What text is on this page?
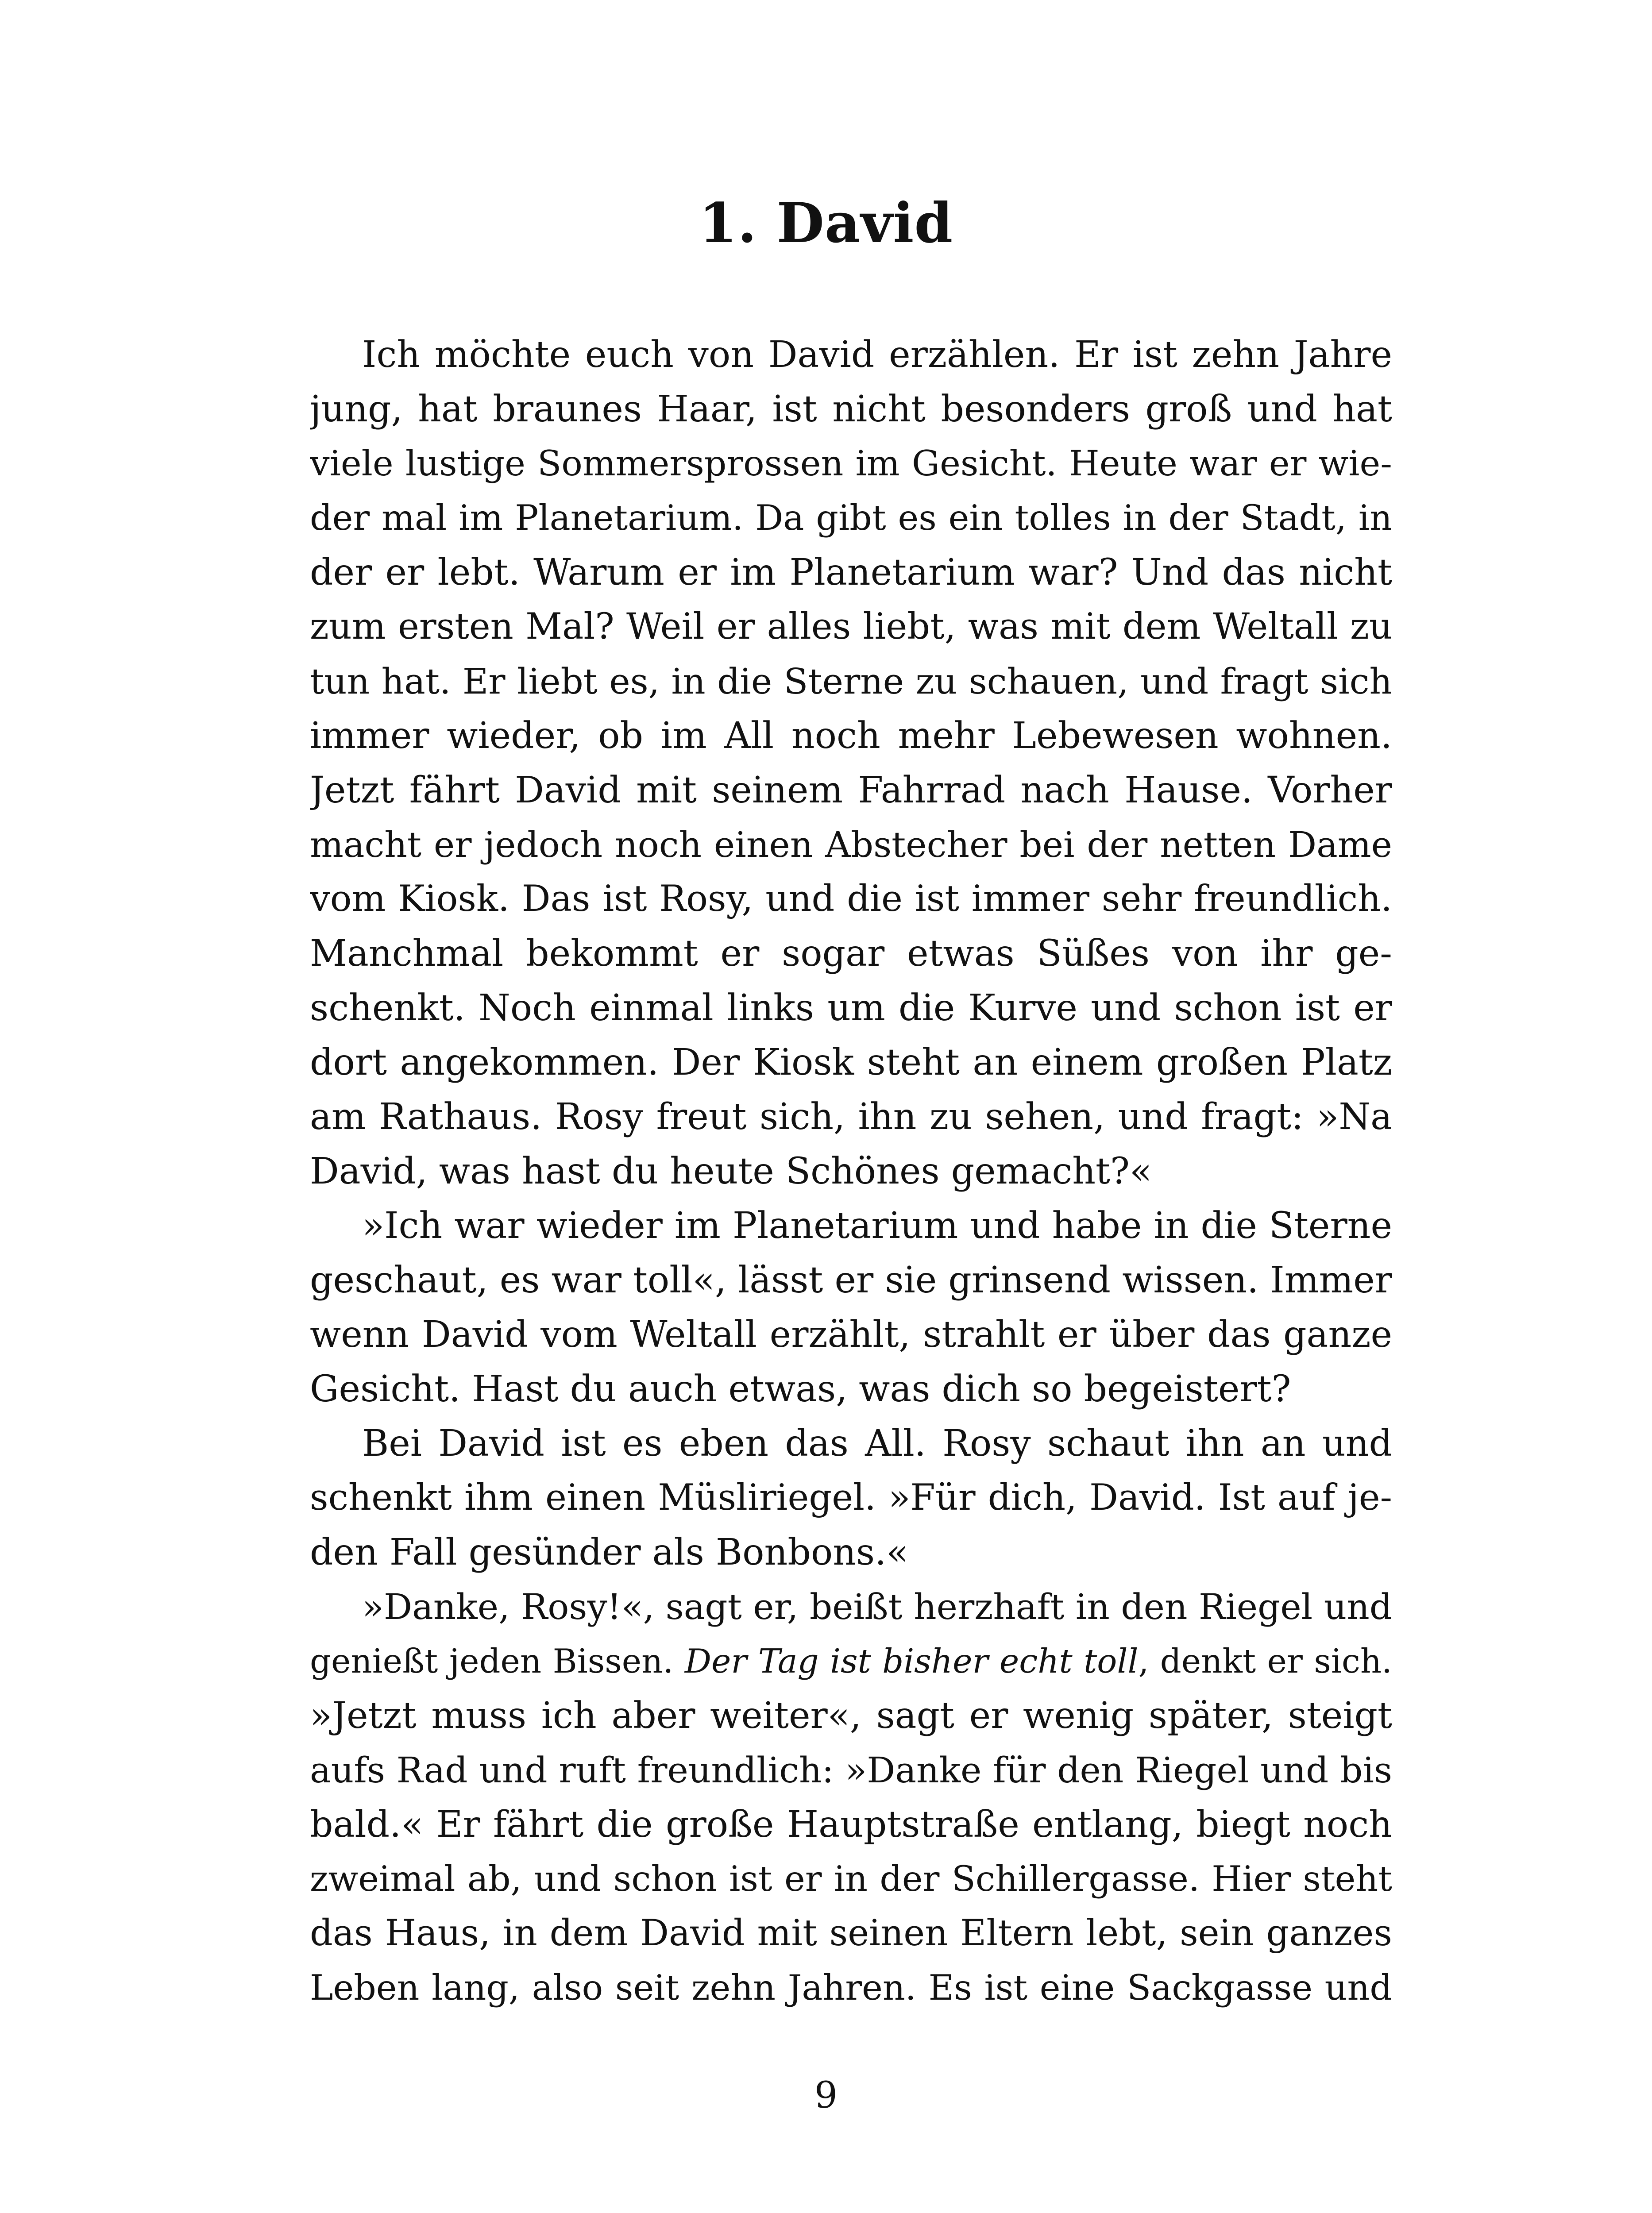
1. David
Ich möchte euch von David erzählen. Er ist zehn Jahre
jung, hat braunes Haar, ist nicht besonders groß und hat
viele lustige Sommersprossen im Gesicht. Heute war er wie-
der mal im Planetarium. Da gibt es ein tolles in der Stadt, in
der er lebt. Warum er im Planetarium war? Und das nicht
zum ersten Mal? Weil er alles liebt, was mit dem Weltall zu
tun hat. Er liebt es, in die Sterne zu schauen, und fragt sich
immer wieder, ob im All noch mehr Lebewesen wohnen.
Jetzt fährt David mit seinem Fahrrad nach Hause. Vorher
macht er jedoch noch einen Abstecher bei der netten Dame
vom Kiosk. Das ist Rosy, und die ist immer sehr freundlich.
Manchmal bekommt er sogar etwas Süßes von ihr ge-
schenkt. Noch einmal links um die Kurve und schon ist er
dort angekommen. Der Kiosk steht an einem großen Platz
am Rathaus. Rosy freut sich, ihn zu sehen, und fragt: »Na
David, was hast du heute Schönes gemacht?«
»Ich war wieder im Planetarium und habe in die Sterne
geschaut, es war toll«, lässt er sie grinsend wissen. Immer
wenn David vom Weltall erzählt, strahlt er über das ganze
Gesicht. Hast du auch etwas, was dich so begeistert?
Bei David ist es eben das All. Rosy schaut ihn an und
schenkt ihm einen Müsliriegel. »Für dich, David. Ist auf je-
den Fall gesünder als Bonbons.«
»Danke, Rosy!«, sagt er, beißt herzhaft in den Riegel und
genießt jeden Bissen. Der Tag ist bisher echt toll, denkt er sich.
»Jetzt muss ich aber weiter«, sagt er wenig später, steigt
aufs Rad und ruft freundlich: »Danke für den Riegel und bis
bald.« Er fährt die große Hauptstraße entlang, biegt noch
zweimal ab, und schon ist er in der Schillergasse. Hier steht
das Haus, in dem David mit seinen Eltern lebt, sein ganzes
Leben lang, also seit zehn Jahren. Es ist eine Sackgasse und
9
